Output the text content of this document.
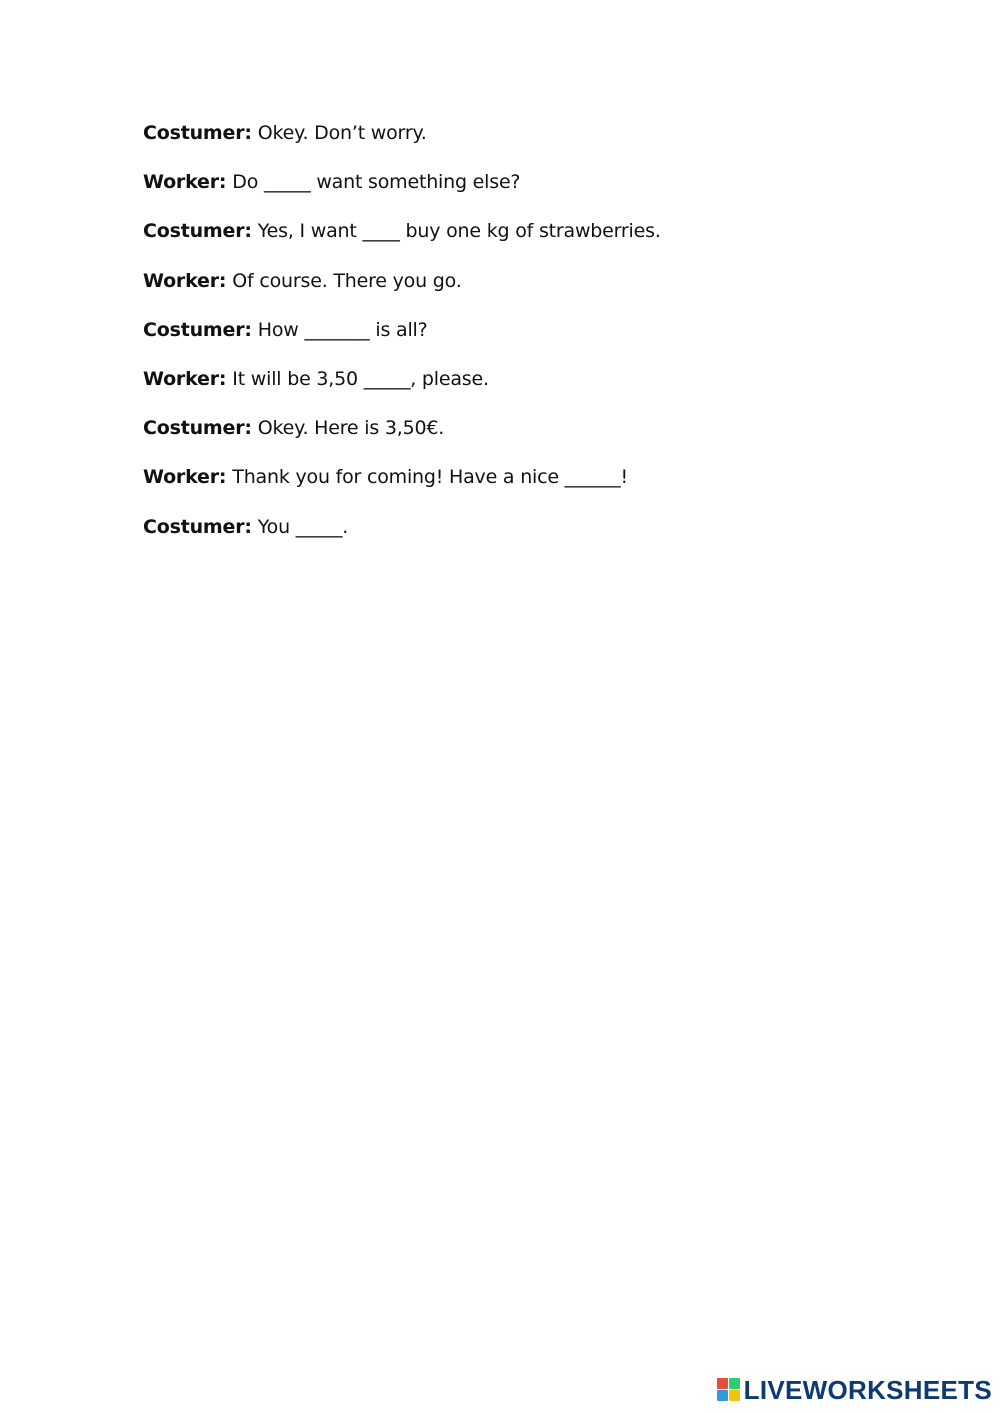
Costumer: Okey. Don’t worry.
Worker: Do _____ want something else?
Costumer: Yes, I want ____ buy one kg of strawberries.
Worker: Of course. There you go.
Costumer: How _______ is all?
Worker: It will be 3,50 _____, please.
Costumer: Okey. Here is 3,50€.
Worker: Thank you for coming! Have a nice ______!
Costumer: You _____.
LIVEWORKSHEETS
